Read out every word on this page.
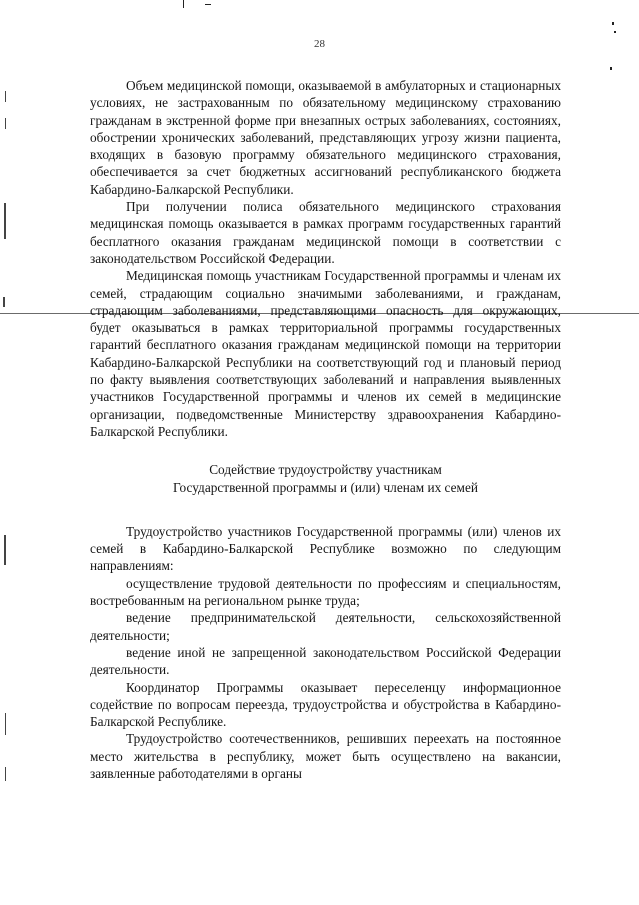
28

Объем медицинской помощи, оказываемой в амбулаторных и стационарных условиях, не застрахованным по обязательному медицинскому страхованию гражданам в экстренной форме при внезапных острых заболеваниях, состояниях, обострении хронических заболеваний, представляющих угрозу жизни пациента, входящих в базовую программу обязательного медицинского страхования, обеспечивается за счет бюджетных ассигнований республиканского бюджета Кабардино-Балкарской Республики.

При получении полиса обязательного медицинского страхования медицинская помощь оказывается в рамках программ государственных гарантий бесплатного оказания гражданам медицинской помощи в соответствии с законодательством Российской Федерации.

Медицинская помощь участникам Государственной программы и членам их семей, страдающим социально значимыми заболеваниями, и гражданам, страдающим заболеваниями, представляющими опасность для окружающих, будет оказываться в рамках территориальной программы государственных гарантий бесплатного оказания гражданам медицинской помощи на территории Кабардино-Балкарской Республики на соответствующий год и плановый период по факту выявления соответствующих заболеваний и направления выявленных участников Государственной программы и членов их семей в медицинские организации, подведомственные Министерству здравоохранения Кабардино-Балкарской Республики.

Содействие трудоустройству участникам

Государственной программы и (или) членам их семей

Трудоустройство участников Государственной программы (или) членов их семей в Кабардино-Балкарской Республике возможно по следующим направлениям:

осуществление трудовой деятельности по профессиям и специальностям, востребованным на региональном рынке труда;

ведение предпринимательской деятельности, сельскохозяйственной деятельности;

ведение иной не запрещенной законодательством Российской Федерации деятельности.

Координатор Программы оказывает переселенцу информационное содействие по вопросам переезда, трудоустройства и обустройства в Кабардино-Балкарской Республике.

Трудоустройство соотечественников, решивших переехать на постоянное место жительства в республику, может быть осуществлено на вакансии, заявленные работодателями в органы
